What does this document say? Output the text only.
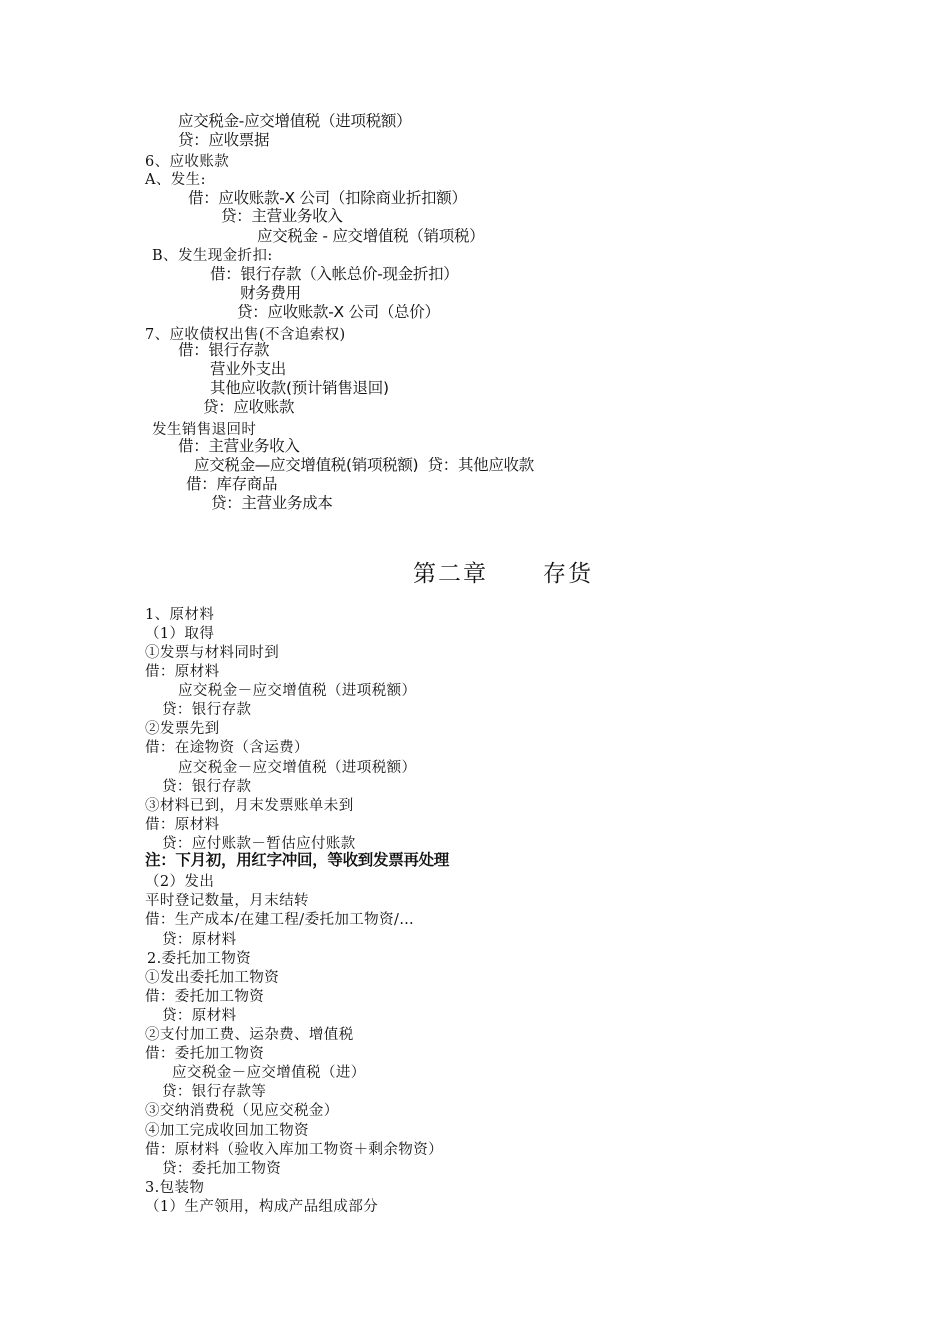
应交税金-应交增值税（进项税额）
贷：应收票据
6、应收账款
A、发生:
借：应收账款-X 公司（扣除商业折扣额）
贷：主营业务收入
应交税金 - 应交增值税（销项税）
B、发生现金折扣:
借：银行存款（入帐总价-现金折扣）
财务费用
贷：应收账款-X 公司（总价）
7、应收债权出售(不含追索权)
借：银行存款
营业外支出
其他应收款(预计销售退回)
贷：应收账款
发生销售退回时
借：主营业务收入
应交税金—应交增值税(销项税额)  贷：其他应收款
借：库存商品
贷：主营业务成本
第二章 存货
1、原材料
（1）取得
①发票与材料同时到
借：原材料
应交税金－应交增值税（进项税额）
贷：银行存款
②发票先到
借：在途物资（含运费）
应交税金－应交增值税（进项税额）
贷：银行存款
③材料已到，月末发票账单未到
借：原材料
贷：应付账款－暂估应付账款
注：下月初，用红字冲回，等收到发票再处理
（2）发出
平时登记数量，月末结转
借：生产成本/在建工程/委托加工物资/…
贷：原材料
2.委托加工物资
①发出委托加工物资
借：委托加工物资
贷：原材料
②支付加工费、运杂费、增值税
借：委托加工物资
应交税金－应交增值税（进）
贷：银行存款等
③交纳消费税（见应交税金）
④加工完成收回加工物资
借：原材料（验收入库加工物资＋剩余物资）
贷：委托加工物资
3.包装物
（1）生产领用，构成产品组成部分
